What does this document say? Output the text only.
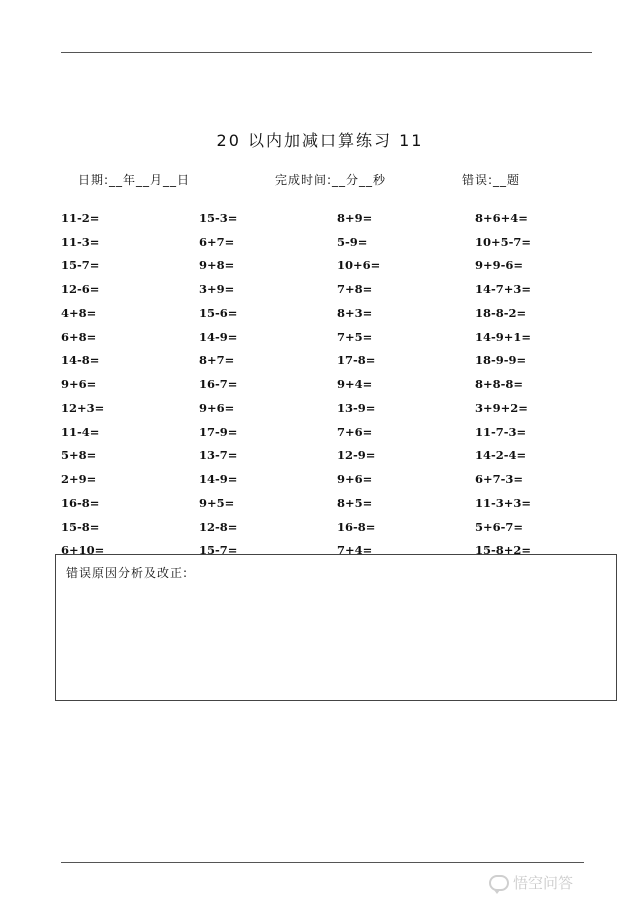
20 以内加减口算练习 11
日期:__年__月__日	完成时间:__分__秒	错误:__题
11-2=	15-3=	8+9=	8+6+4=
11-3=	6+7=	5-9=	10+5-7=
15-7=	9+8=	10+6=	9+9-6=
12-6=	3+9=	7+8=	14-7+3=
4+8=	15-6=	8+3=	18-8-2=
6+8=	14-9=	7+5=	14-9+1=
14-8=	8+7=	17-8=	18-9-9=
9+6=	16-7=	9+4=	8+8-8=
12+3=	9+6=	13-9=	3+9+2=
11-4=	17-9=	7+6=	11-7-3=
5+8=	13-7=	12-9=	14-2-4=
2+9=	14-9=	9+6=	6+7-3=
16-8=	9+5=	8+5=	11-3+3=
15-8=	12-8=	16-8=	5+6-7=
6+10=	15-7=	7+4=	15-8+2=
错误原因分析及改正:
悟空问答
